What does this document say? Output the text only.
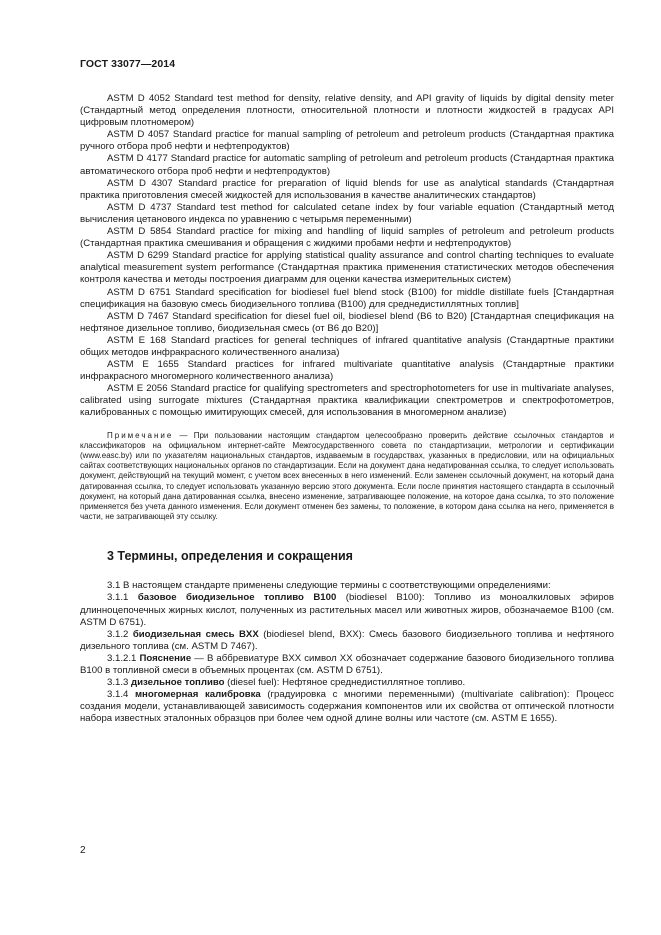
ГОСТ 33077—2014

ASTM D 4052 Standard test method for density, relative density, and API gravity of liquids by digital density meter (Стандартный метод определения плотности, относительной плотности и плотности жидкостей в градусах API цифровым плотномером)

ASTM D 4057 Standard practice for manual sampling of petroleum and petroleum products (Стандартная практика ручного отбора проб нефти и нефтепродуктов)

ASTM D 4177 Standard practice for automatic sampling of petroleum and petroleum products (Стандартная практика автоматического отбора проб нефти и нефтепродуктов)

ASTM D 4307 Standard practice for preparation of liquid blends for use as analytical standards (Стандартная практика приготовления смесей жидкостей для использования в качестве аналитических стандартов)

ASTM D 4737 Standard test method for calculated cetane index by four variable equation (Стандартный метод вычисления цетанового индекса по уравнению с четырьмя переменными)

ASTM D 5854 Standard practice for mixing and handling of liquid samples of petroleum and petroleum products (Стандартная практика смешивания и обращения с жидкими пробами нефти и нефтепродуктов)

ASTM D 6299 Standard practice for applying statistical quality assurance and control charting techniques to evaluate analytical measurement system performance (Стандартная практика применения статистических методов обеспечения контроля качества и методы построения диаграмм для оценки качества измерительных систем)

ASTM D 6751 Standard specification for biodiesel fuel blend stock (B100) for middle distillate fuels [Стандартная спецификация на базовую смесь биодизельного топлива (B100) для среднедистиллятных топлив]

ASTM D 7467 Standard specification for diesel fuel oil, biodiesel blend (B6 to B20) [Стандартная спецификация на нефтяное дизельное топливо, биодизельная смесь (от B6 до B20)]

ASTM E 168 Standard practices for general techniques of infrared quantitative analysis (Стандартные практики общих методов инфракрасного количественного анализа)

ASTM E 1655 Standard practices for infrared multivariate quantitative analysis (Стандартные практики инфракрасного многомерного количественного анализа)

ASTM E 2056 Standard practice for qualifying spectrometers and spectrophotometers for use in multivariate analyses, calibrated using surrogate mixtures (Стандартная практика квалификации спектрометров и спектрофотометров, калиброванных с помощью имитирующих смесей, для использования в многомерном анализе)

Примечание — При пользовании настоящим стандартом целесообразно проверить действие ссылочных стандартов и классификаторов на официальном интернет-сайте Межгосударственного совета по стандартизации, метрологии и сертификации (www.easc.by) или по указателям национальных стандартов, издаваемым в государствах, указанных в предисловии, или на официальных сайтах соответствующих национальных органов по стандартизации. Если на документ дана недатированная ссылка, то следует использовать документ, действующий на текущий момент, с учетом всех внесенных в него изменений. Если заменен ссылочный документ, на который дана датированная ссылка, то следует использовать указанную версию этого документа. Если после принятия настоящего стандарта в ссылочный документ, на который дана датированная ссылка, внесено изменение, затрагивающее положение, на которое дана ссылка, то это положение применяется без учета данного изменения. Если документ отменен без замены, то положение, в котором дана ссылка на него, применяется в части, не затрагивающей эту ссылку.

3 Термины, определения и сокращения

3.1 В настоящем стандарте применены следующие термины с соответствующими определениями:

3.1.1 базовое биодизельное топливо B100 (biodiesel B100): Топливо из моноалкиловых эфиров длинноцепочечных жирных кислот, полученных из растительных масел или животных жиров, обозначаемое B100 (см. ASTM D 6751).

3.1.2 биодизельная смесь BXX (biodiesel blend, BXX): Смесь базового биодизельного топлива и нефтяного дизельного топлива (см. ASTM D 7467).

3.1.2.1 Пояснение — В аббревиатуре BXX символ XX обозначает содержание базового биодизельного топлива B100 в топливной смеси в объемных процентах (см. ASTM D 6751).

3.1.3 дизельное топливо (diesel fuel): Нефтяное среднедистиллятное топливо.

3.1.4 многомерная калибровка (градуировка с многими переменными) (multivariate calibration): Процесс создания модели, устанавливающей зависимость содержания компонентов или их свойства от оптической плотности набора известных эталонных образцов при более чем одной длине волны или частоте (см. ASTM E 1655).

2
